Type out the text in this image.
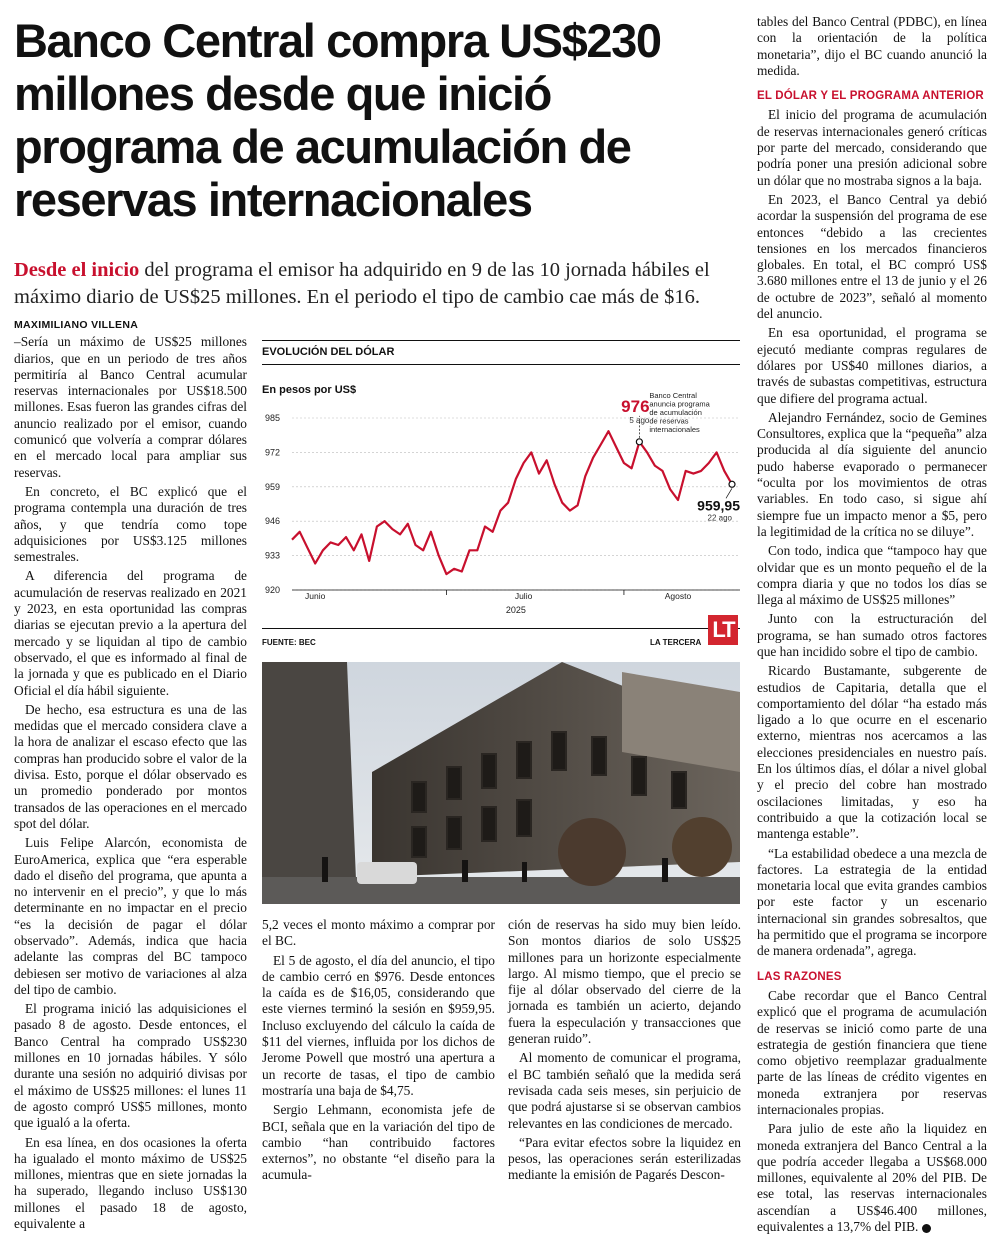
Banco Central compra US$230 millones desde que inició programa de acumulación de reservas internacionales
Desde el inicio del programa el emisor ha adquirido en 9 de las 10 jornada hábiles el máximo diario de US$25 millones. En el periodo el tipo de cambio cae más de $16.
MAXIMILIANO VILLENA

–Sería un máximo de US$25 millones diarios, que en un periodo de tres años permitiría al Banco Central acumular reservas internacionales por US$18.500 millones. Esas fueron las grandes cifras del anuncio realizado por el emisor, cuando comunicó que volvería a comprar dólares en el mercado local para ampliar sus reservas.

En concreto, el BC explicó que el programa contempla una duración de tres años, y que tendría como tope adquisiciones por US$3.125 millones semestrales.

A diferencia del programa de acumulación de reservas realizado en 2021 y 2023, en esta oportunidad las compras diarias se ejecutan previo a la apertura del mercado y se liquidan al tipo de cambio observado, el que es informado al final de la jornada y que es publicado en el Diario Oficial el día hábil siguiente.

De hecho, esa estructura es una de las medidas que el mercado considera clave a la hora de analizar el escaso efecto que las compras han producido sobre el valor de la divisa. Esto, porque el dólar observado es un promedio ponderado por montos transados de las operaciones en el mercado spot del dólar.

Luis Felipe Alarcón, economista de EuroAmerica, explica que “era esperable dado el diseño del programa, que apunta a no intervenir en el precio”, y que lo más determinante en no impactar en el precio “es la decisión de pagar el dólar observado”. Además, indica que hacia adelante las compras del BC tampoco debiesen ser motivo de variaciones al alza del tipo de cambio.

El programa inició las adquisiciones el pasado 8 de agosto. Desde entonces, el Banco Central ha comprado US$230 millones en 10 jornadas hábiles. Y sólo durante una sesión no adquirió divisas por el máximo de US$25 millones: el lunes 11 de agosto compró US$5 millones, monto que igualó a la oferta.

En esa línea, en dos ocasiones la oferta ha igualado el monto máximo de US$25 millones, mientras que en siete jornadas la ha superado, llegando incluso US$130 millones el pasado 18 de agosto, equivalente a

EVOLUCIÓN DEL DÓLAR
En pesos por US$
920
933
946
959
972
985
Junio	Julio	Agosto
2025
976
5 ago
Banco Central anuncia programa de acumulación de reservas internacionales
959,95
22 ago
FUENTE: BEC	LA TERCERA
LT

5,2 veces el monto máximo a comprar por el BC.

El 5 de agosto, el día del anuncio, el tipo de cambio cerró en $976. Desde entonces la caída es de $16,05, considerando que este viernes terminó la sesión en $959,95. Incluso excluyendo del cálculo la caída de $11 del viernes, influida por los dichos de Jerome Powell que mostró una apertura a un recorte de tasas, el tipo de cambio mostraría una baja de $4,75.

Sergio Lehmann, economista jefe de BCI, señala que en la variación del tipo de cambio “han contribuido factores externos”, no obstante “el diseño para la acumula-

ción de reservas ha sido muy bien leído. Son montos diarios de solo US$25 millones para un horizonte especialmente largo. Al mismo tiempo, que el precio se fije al dólar observado del cierre de la jornada es también un acierto, dejando fuera la especulación y transacciones que generan ruido”.

Al momento de comunicar el programa, el BC también señaló que la medida será revisada cada seis meses, sin perjuicio de que podrá ajustarse si se observan cambios relevantes en las condiciones de mercado.

“Para evitar efectos sobre la liquidez en pesos, las operaciones serán esterilizadas mediante la emisión de Pagarés Descon-

tables del Banco Central (PDBC), en línea con la orientación de la política monetaria”, dijo el BC cuando anunció la medida.

EL DÓLAR Y EL PROGRAMA ANTERIOR

El inicio del programa de acumulación de reservas internacionales generó críticas por parte del mercado, considerando que podría poner una presión adicional sobre un dólar que no mostraba signos a la baja.

En 2023, el Banco Central ya debió acordar la suspensión del programa de ese entonces “debido a las crecientes tensiones en los mercados financieros globales. En total, el BC compró US$ 3.680 millones entre el 13 de junio y el 26 de octubre de 2023”, señaló al momento del anuncio.

En esa oportunidad, el programa se ejecutó mediante compras regulares de dólares por US$40 millones diarios, a través de subastas competitivas, estructura que difiere del programa actual.

Alejandro Fernández, socio de Gemines Consultores, explica que la “pequeña” alza producida al día siguiente del anuncio pudo haberse evaporado o permanecer “oculta por los movimientos de otras variables. En todo caso, si sigue ahí siempre fue un impacto menor a $5, pero la legitimidad de la crítica no se diluye”.

Con todo, indica que “tampoco hay que olvidar que es un monto pequeño el de la compra diaria y que no todos los días se llega al máximo de US$25 millones”

Junto con la estructuración del programa, se han sumado otros factores que han incidido sobre el tipo de cambio.

Ricardo Bustamante, subgerente de estudios de Capitaria, detalla que el comportamiento del dólar “ha estado más ligado a lo que ocurre en el escenario externo, mientras nos acercamos a las elecciones presidenciales en nuestro país. En los últimos días, el dólar a nivel global y el precio del cobre han mostrado oscilaciones limitadas, y eso ha contribuido a que la cotización local se mantenga estable”.

“La estabilidad obedece a una mezcla de factores. La estrategia de la entidad monetaria local que evita grandes cambios por este factor y un escenario internacional sin grandes sobresaltos, que ha permitido que el programa se incorpore de manera ordenada”, agrega.

LAS RAZONES

Cabe recordar que el Banco Central explicó que el programa de acumulación de reservas se inició como parte de una estrategia de gestión financiera que tiene como objetivo reemplazar gradualmente parte de las líneas de crédito vigentes en moneda extranjera por reservas internacionales propias.

Para julio de este año la liquidez en moneda extranjera del Banco Central a la que podría acceder llegaba a US$68.000 millones, equivalente al 20% del PIB. De ese total, las reservas internacionales ascendían a US$46.400 millones, equivalentes a 13,7% del PIB.
